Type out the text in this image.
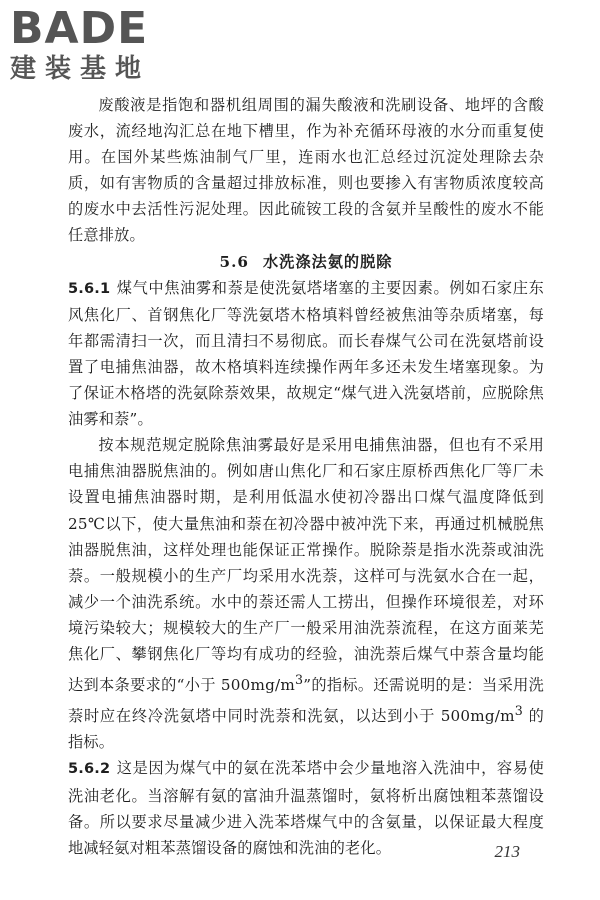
BADE
建装基地

废酸液是指饱和器机组周围的漏失酸液和洗刷设备、地坪的含酸废水，流经地沟汇总在地下槽里，作为补充循环母液的水分而重复使用。在国外某些炼油制气厂里，连雨水也汇总经过沉淀处理除去杂质，如有害物质的含量超过排放标准，则也要掺入有害物质浓度较高的废水中去活性污泥处理。因此硫铵工段的含氨并呈酸性的废水不能任意排放。

5.6 水洗涤法氨的脱除

5.6.1 煤气中焦油雾和萘是使洗氨塔堵塞的主要因素。例如石家庄东风焦化厂、首钢焦化厂等洗氨塔木格填料曾经被焦油等杂质堵塞，每年都需清扫一次，而且清扫不易彻底。而长春煤气公司在洗氨塔前设置了电捕焦油器，故木格填料连续操作两年多还未发生堵塞现象。为了保证木格塔的洗氨除萘效果，故规定“煤气进入洗氨塔前，应脱除焦油雾和萘”。

按本规范规定脱除焦油雾最好是采用电捕焦油器，但也有不采用电捕焦油器脱焦油的。例如唐山焦化厂和石家庄原桥西焦化厂等厂未设置电捕焦油器时期，是利用低温水使初冷器出口煤气温度降低到 25℃以下，使大量焦油和萘在初冷器中被冲洗下来，再通过机械脱焦油器脱焦油，这样处理也能保证正常操作。脱除萘是指水洗萘或油洗萘。一般规模小的生产厂均采用水洗萘，这样可与洗氨水合在一起，减少一个油洗系统。水中的萘还需人工捞出，但操作环境很差，对环境污染较大；规模较大的生产厂一般采用油洗萘流程，在这方面莱芜焦化厂、攀钢焦化厂等均有成功的经验，油洗萘后煤气中萘含量均能达到本条要求的“小于 $500mg/m^3$”的指标。还需说明的是：当采用洗萘时应在终冷洗氨塔中同时洗萘和洗氨，以达到小于 $500mg/m^3$ 的指标。

5.6.2 这是因为煤气中的氨在洗苯塔中会少量地溶入洗油中，容易使洗油老化。当溶解有氨的富油升温蒸馏时，氨将析出腐蚀粗苯蒸馏设备。所以要求尽量减少进入洗苯塔煤气中的含氨量，以保证最大程度地减轻氨对粗苯蒸馏设备的腐蚀和洗油的老化。	213
